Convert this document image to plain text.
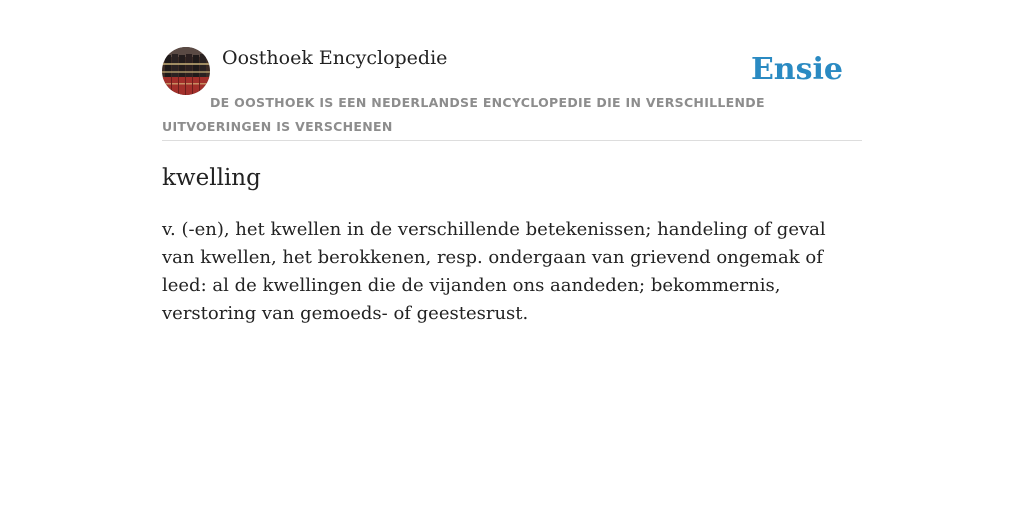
Oosthoek Encyclopedie	Ensie
DE OOSTHOEK IS EEN NEDERLANDSE ENCYCLOPEDIE DIE IN VERSCHILLENDE UITVOERINGEN IS VERSCHENEN
kwelling

v. (-en), het kwellen in de verschillende betekenissen; handeling of geval van kwellen, het berokkenen, resp. ondergaan van grievend ongemak of leed: al de kwellingen die de vijanden ons aandeden; bekommernis, verstoring van gemoeds- of geestesrust.
